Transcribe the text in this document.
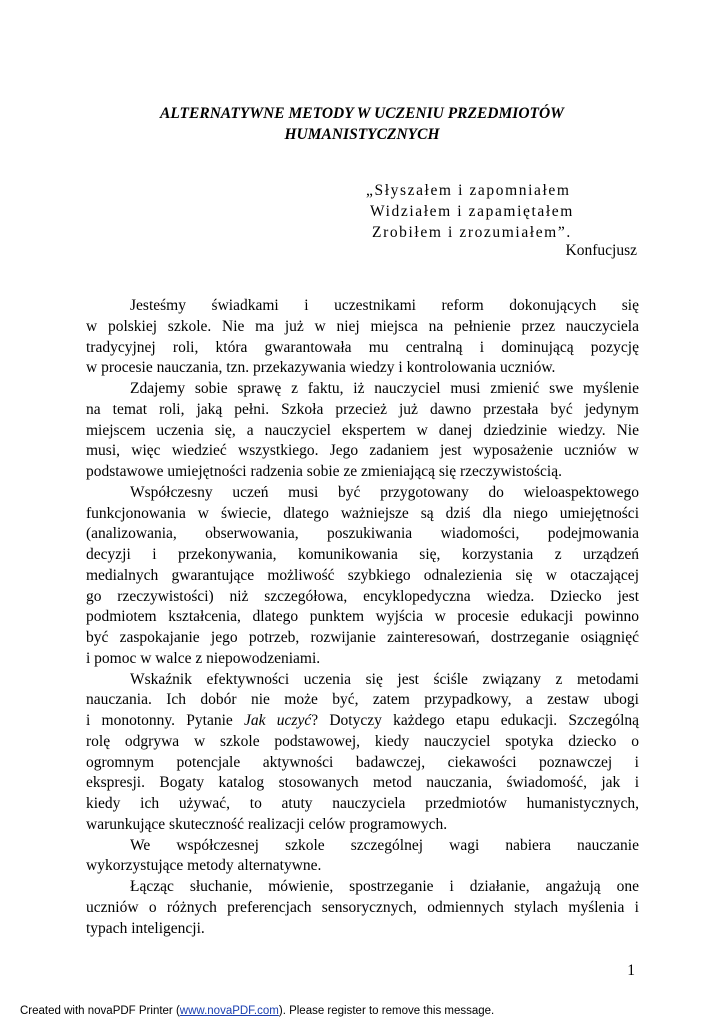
ALTERNATYWNE METODY W UCZENIU PRZEDMIOTÓW
HUMANISTYCZNYCH
„Słyszałem i zapomniałem
Widziałem i zapamiętałem
Zrobiłem i zrozumiałem”.
Konfucjusz
Jesteśmy świadkami i uczestnikami reform dokonujących się
w polskiej szkole. Nie ma już w niej miejsca na pełnienie przez nauczyciela
tradycyjnej roli, która gwarantowała mu centralną i dominującą pozycję
w procesie nauczania, tzn. przekazywania wiedzy i kontrolowania uczniów.
Zdajemy sobie sprawę z faktu, iż nauczyciel musi zmienić swe myślenie
na temat roli, jaką pełni. Szkoła przecież już dawno przestała być jedynym
miejscem uczenia się, a nauczyciel ekspertem w danej dziedzinie wiedzy. Nie
musi, więc wiedzieć wszystkiego. Jego zadaniem jest wyposażenie uczniów w
podstawowe umiejętności radzenia sobie ze zmieniającą się rzeczywistością.
Współczesny uczeń musi być przygotowany do wieloaspektowego
funkcjonowania w świecie, dlatego ważniejsze są dziś dla niego umiejętności
(analizowania, obserwowania, poszukiwania wiadomości, podejmowania
decyzji i przekonywania, komunikowania się, korzystania z urządzeń
medialnych gwarantujące możliwość szybkiego odnalezienia się w otaczającej
go rzeczywistości) niż szczegółowa, encyklopedyczna wiedza. Dziecko jest
podmiotem kształcenia, dlatego punktem wyjścia w procesie edukacji powinno
być zaspokajanie jego potrzeb, rozwijanie zainteresowań, dostrzeganie osiągnięć
i pomoc w walce z niepowodzeniami.
Wskaźnik efektywności uczenia się jest ściśle związany z metodami
nauczania. Ich dobór nie może być, zatem przypadkowy, a zestaw ubogi
i monotonny. Pytanie Jak uczyć? Dotyczy każdego etapu edukacji. Szczególną
rolę odgrywa w szkole podstawowej, kiedy nauczyciel spotyka dziecko o
ogromnym potencjale aktywności badawczej, ciekawości poznawczej i
ekspresji. Bogaty katalog stosowanych metod nauczania, świadomość, jak i
kiedy ich używać, to atuty nauczyciela przedmiotów humanistycznych,
warunkujące skuteczność realizacji celów programowych.
We współczesnej szkole szczególnej wagi nabiera nauczanie
wykorzystujące metody alternatywne.
Łącząc słuchanie, mówienie, spostrzeganie i działanie, angażują one
uczniów o różnych preferencjach sensorycznych, odmiennych stylach myślenia i
typach inteligencji.
1
Created with novaPDF Printer (www.novaPDF.com). Please register to remove this message.
